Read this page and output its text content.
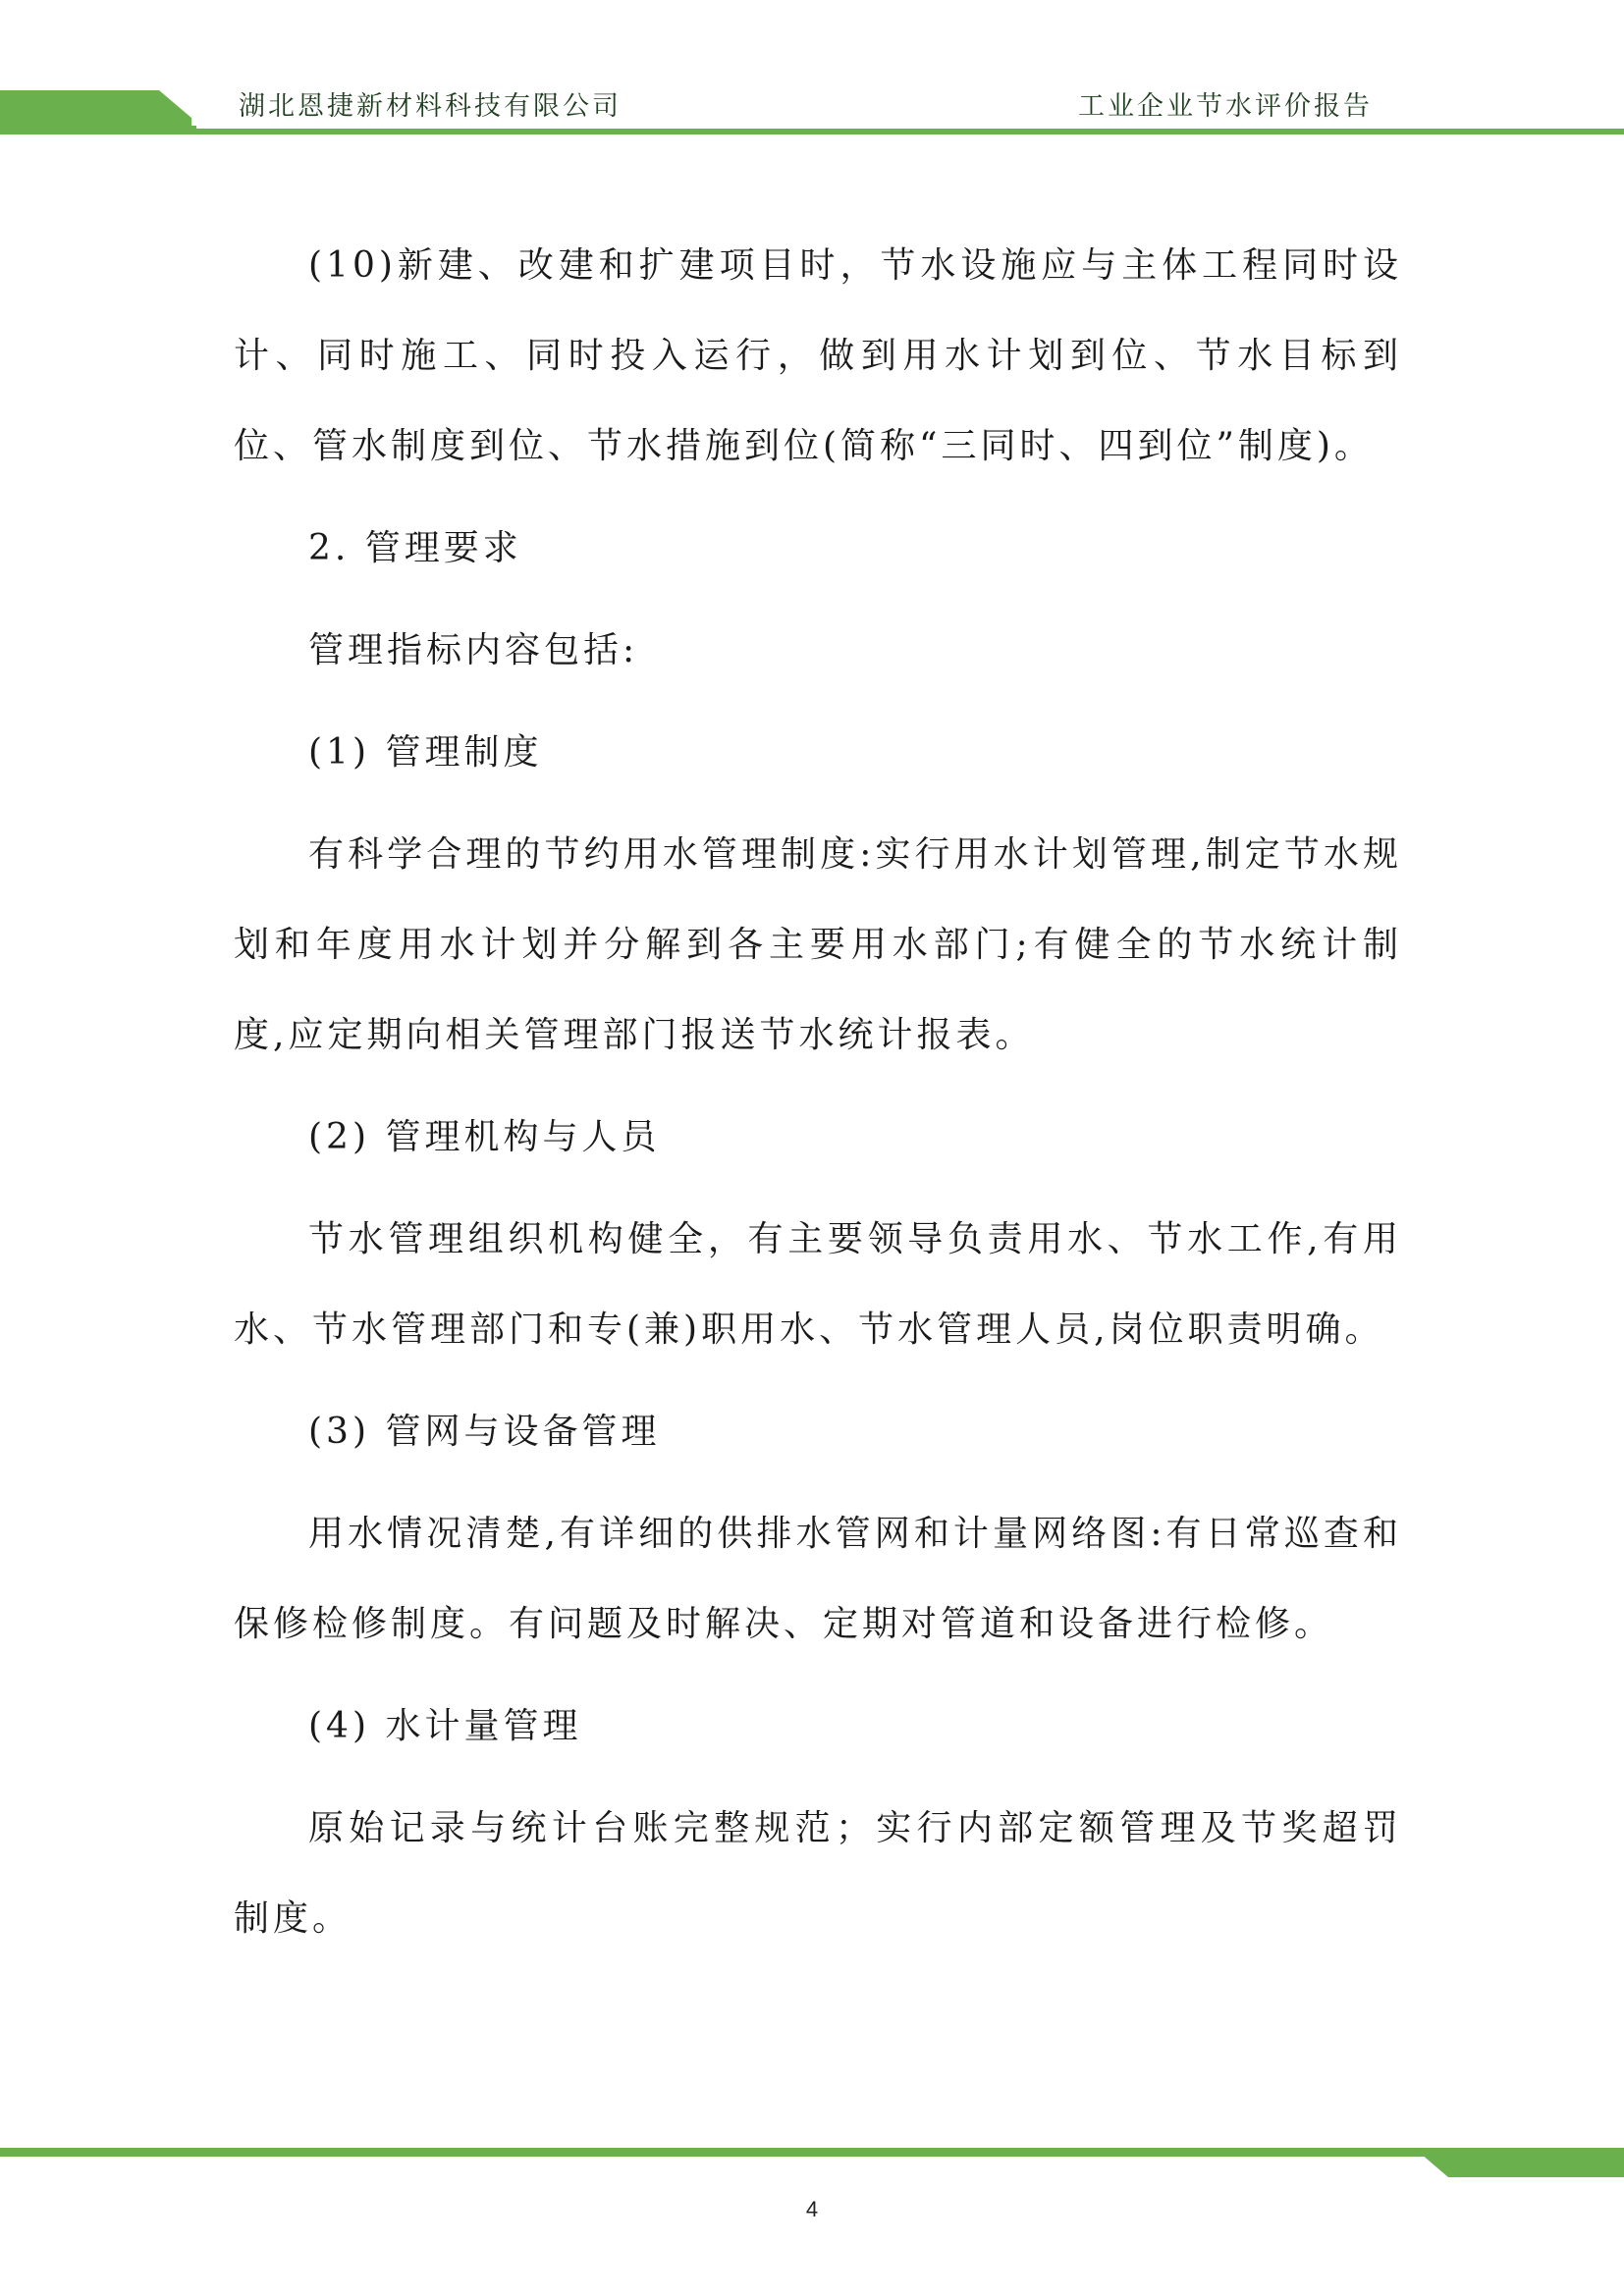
湖北恩捷新材料科技有限公司	工业企业节水评价报告

(10)新建、改建和扩建项目时，节水设施应与主体工程同时设计、同时施工、同时投入运行，做到用水计划到位、节水目标到位、管水制度到位、节水措施到位(简称“三同时、四到位”制度)。

2. 管理要求

管理指标内容包括:

(1) 管理制度

有科学合理的节约用水管理制度:实行用水计划管理,制定节水规划和年度用水计划并分解到各主要用水部门;有健全的节水统计制度,应定期向相关管理部门报送节水统计报表。

(2) 管理机构与人员

节水管理组织机构健全，有主要领导负责用水、节水工作,有用水、节水管理部门和专(兼)职用水、节水管理人员,岗位职责明确。

(3) 管网与设备管理

用水情况清楚,有详细的供排水管网和计量网络图:有日常巡查和保修检修制度。有问题及时解决、定期对管道和设备进行检修。

(4) 水计量管理

原始记录与统计台账完整规范；实行内部定额管理及节奖超罚制度。

4
